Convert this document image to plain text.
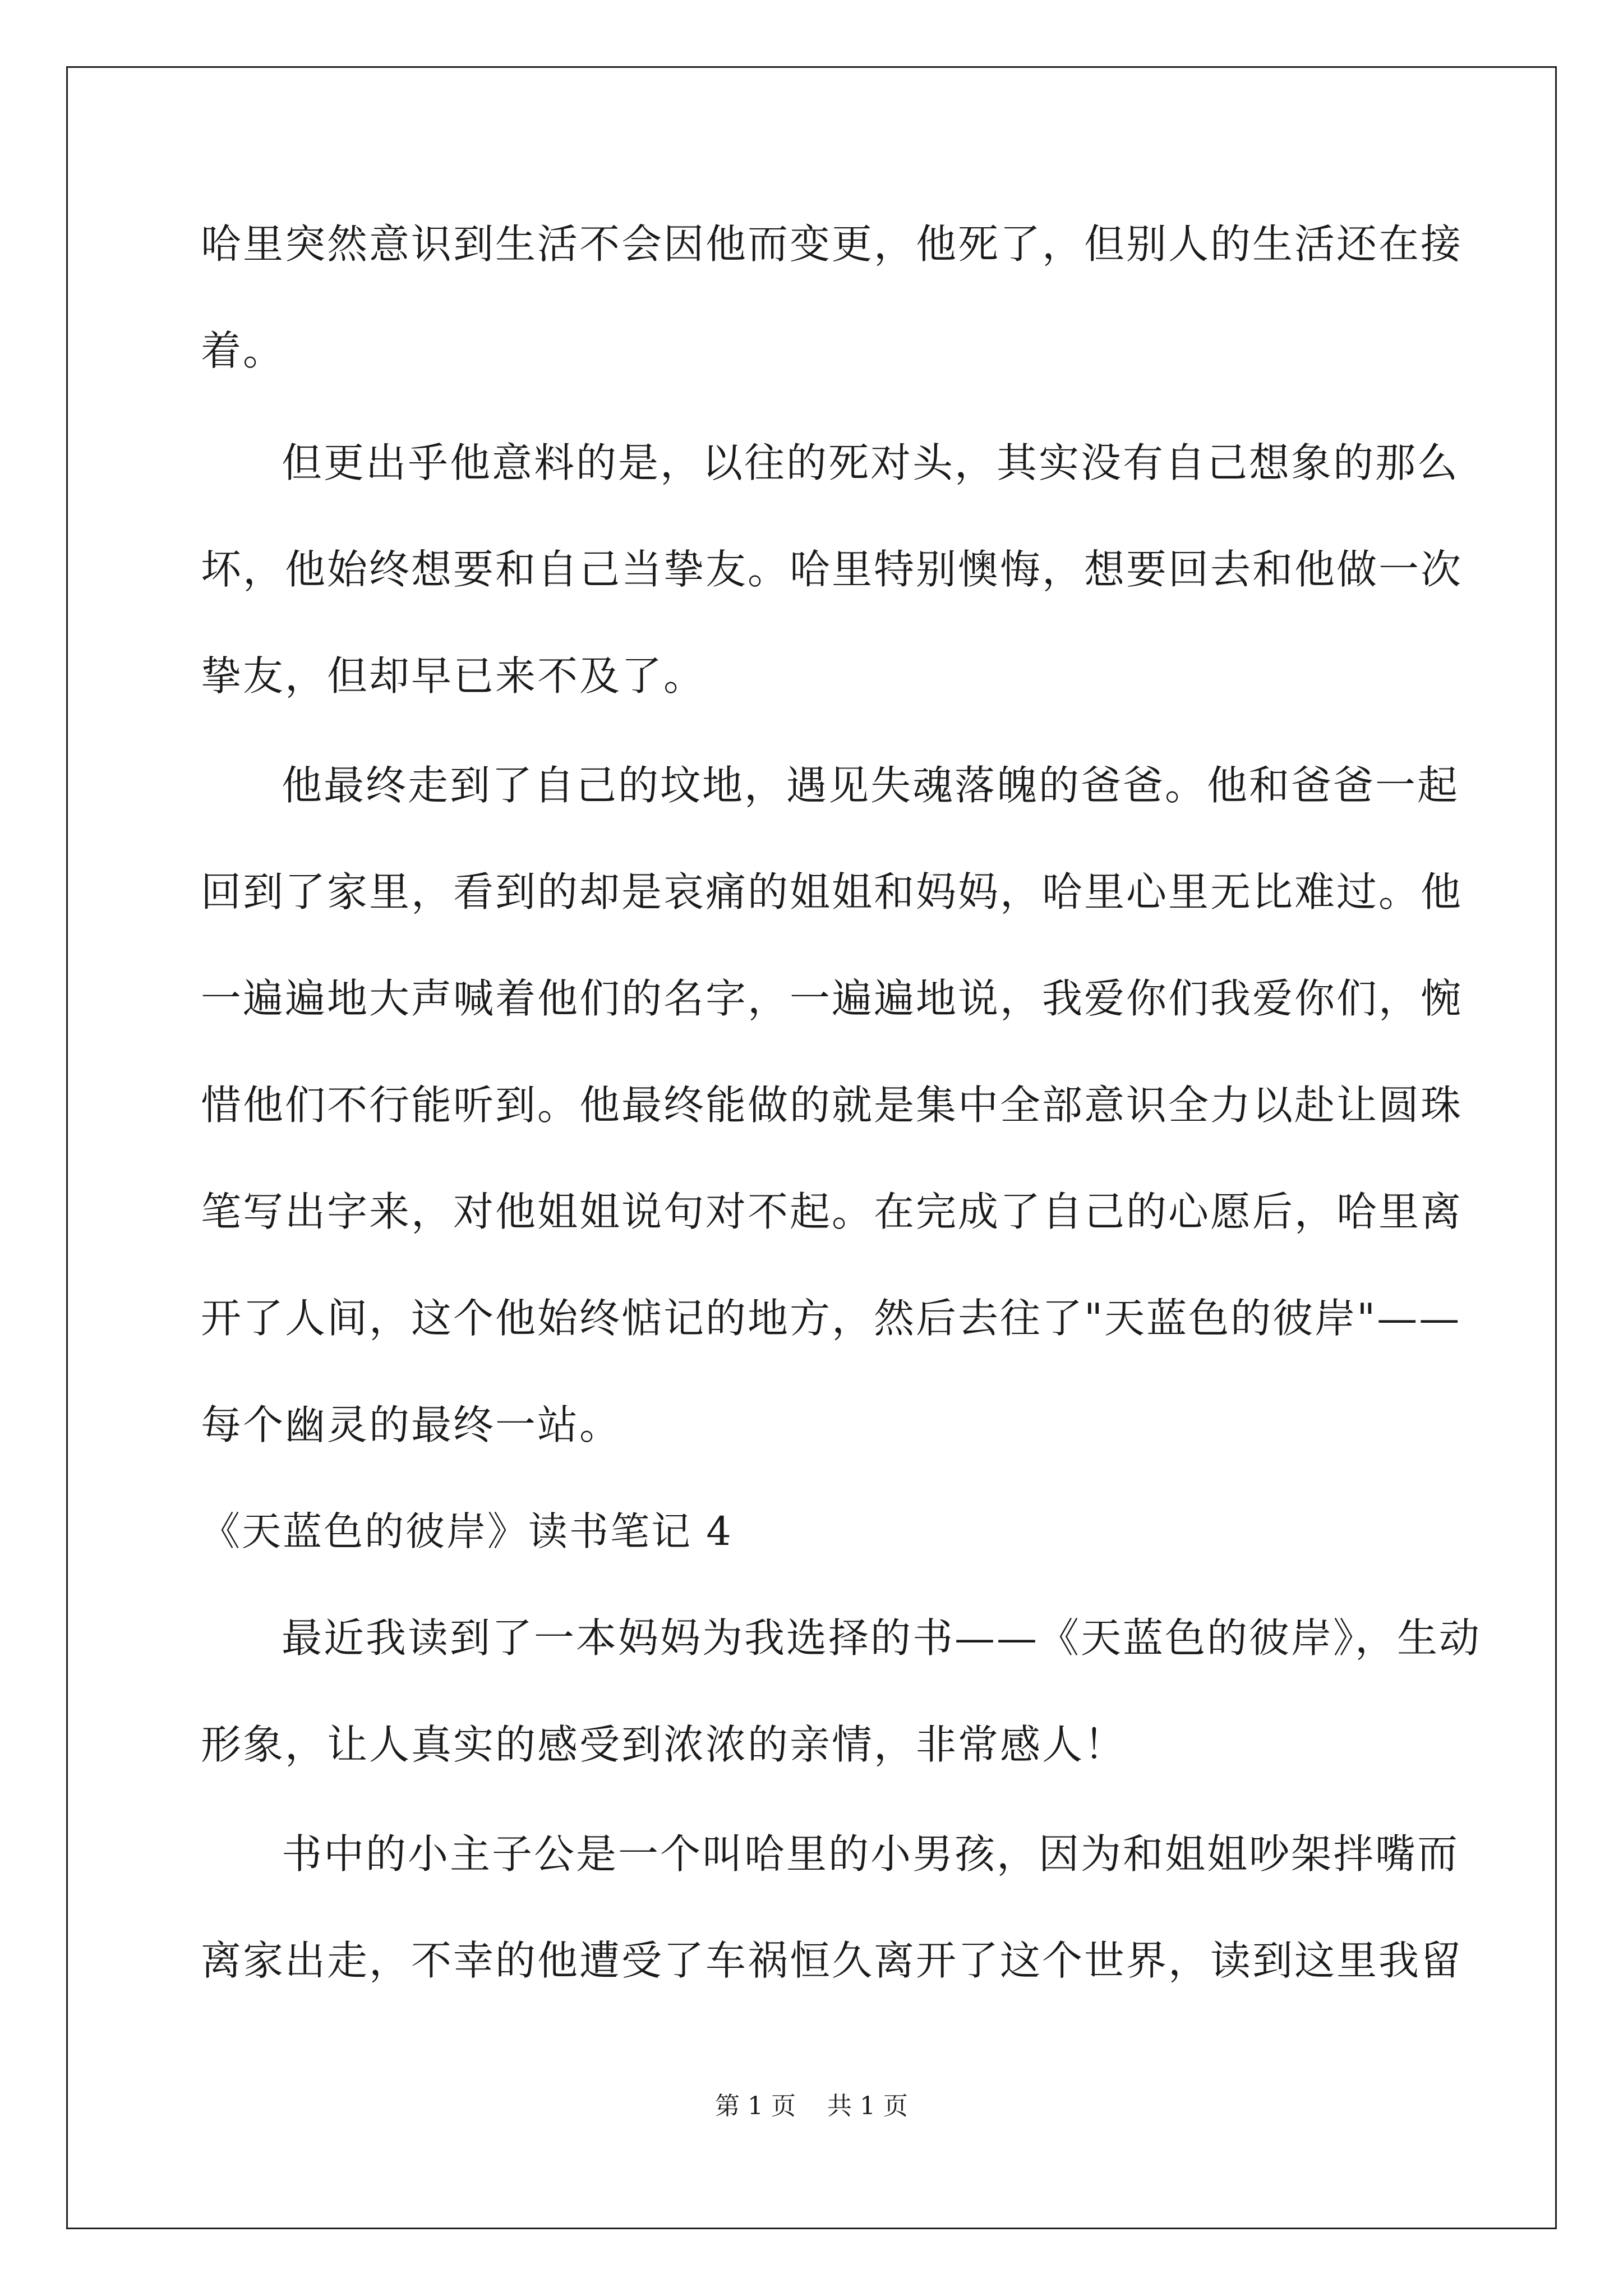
哈里突然意识到生活不会因他而变更，他死了，但别人的生活还在接
着。
但更出乎他意料的是，以往的死对头，其实没有自己想象的那么
坏，他始终想要和自己当挚友。哈里特别懊悔，想要回去和他做一次
挚友，但却早已来不及了。
他最终走到了自己的坟地，遇见失魂落魄的爸爸。他和爸爸一起
回到了家里，看到的却是哀痛的姐姐和妈妈，哈里心里无比难过。他
一遍遍地大声喊着他们的名字，一遍遍地说，我爱你们我爱你们，惋
惜他们不行能听到。他最终能做的就是集中全部意识全力以赴让圆珠
笔写出字来，对他姐姐说句对不起。在完成了自己的心愿后，哈里离
开了人间，这个他始终惦记的地方，然后去往了"天蓝色的彼岸"——
每个幽灵的最终一站。
《天蓝色的彼岸》读书笔记 4
最近我读到了一本妈妈为我选择的书——《天蓝色的彼岸》，生动
形象，让人真实的感受到浓浓的亲情，非常感人！
书中的小主子公是一个叫哈里的小男孩，因为和姐姐吵架拌嘴而
离家出走，不幸的他遭受了车祸恒久离开了这个世界，读到这里我留
第 1 页    共 1 页
